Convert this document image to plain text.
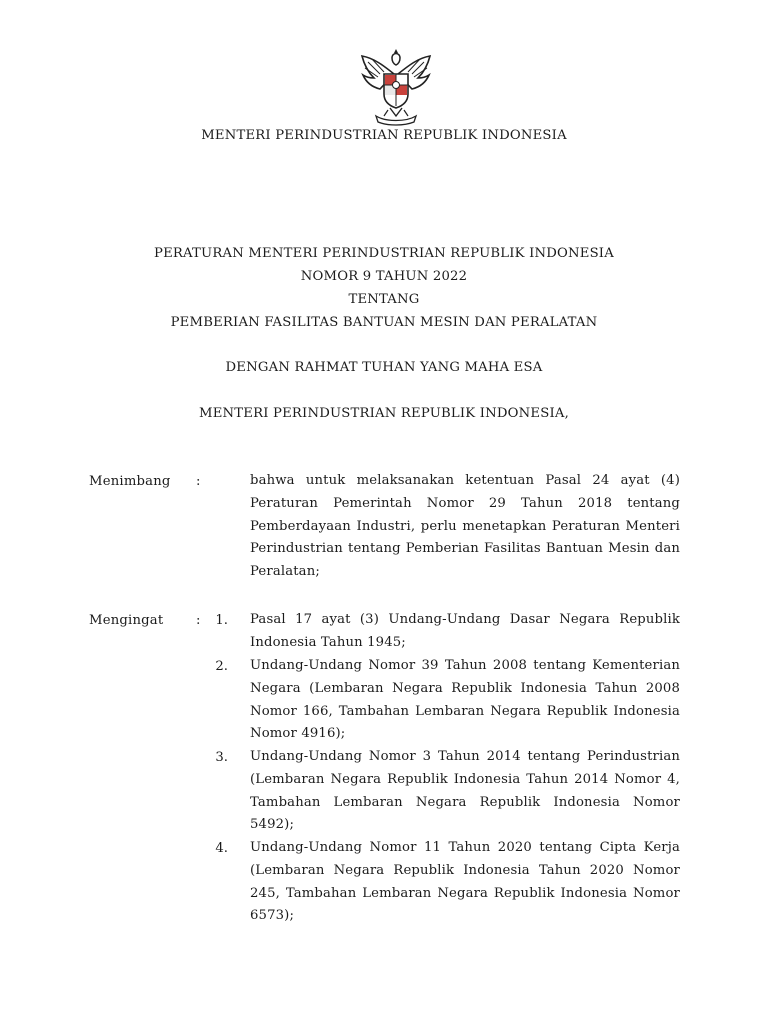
MENTERI PERINDUSTRIAN REPUBLIK INDONESIA
PERATURAN MENTERI PERINDUSTRIAN REPUBLIK INDONESIA
NOMOR 9 TAHUN 2022
TENTANG
PEMBERIAN FASILITAS BANTUAN MESIN DAN PERALATAN
DENGAN RAHMAT TUHAN YANG MAHA ESA
MENTERI PERINDUSTRIAN REPUBLIK INDONESIA,
Menimbang :	bahwa untuk melaksanakan ketentuan Pasal 24 ayat (4) Peraturan Pemerintah Nomor 29 Tahun 2018 tentang Pemberdayaan Industri, perlu menetapkan Peraturan Menteri Perindustrian tentang Pemberian Fasilitas Bantuan Mesin dan Peralatan;

Mengingat :	1. Pasal 17 ayat (3) Undang-Undang Dasar Negara Republik Indonesia Tahun 1945;

2. Undang-Undang Nomor 39 Tahun 2008 tentang Kementerian Negara (Lembaran Negara Republik Indonesia Tahun 2008 Nomor 166, Tambahan Lembaran Negara Republik Indonesia Nomor 4916);

3. Undang-Undang Nomor 3 Tahun 2014 tentang Perindustrian (Lembaran Negara Republik Indonesia Tahun 2014 Nomor 4, Tambahan Lembaran Negara Republik Indonesia Nomor 5492);

4. Undang-Undang Nomor 11 Tahun 2020 tentang Cipta Kerja (Lembaran Negara Republik Indonesia Tahun 2020 Nomor 245, Tambahan Lembaran Negara Republik Indonesia Nomor 6573);
